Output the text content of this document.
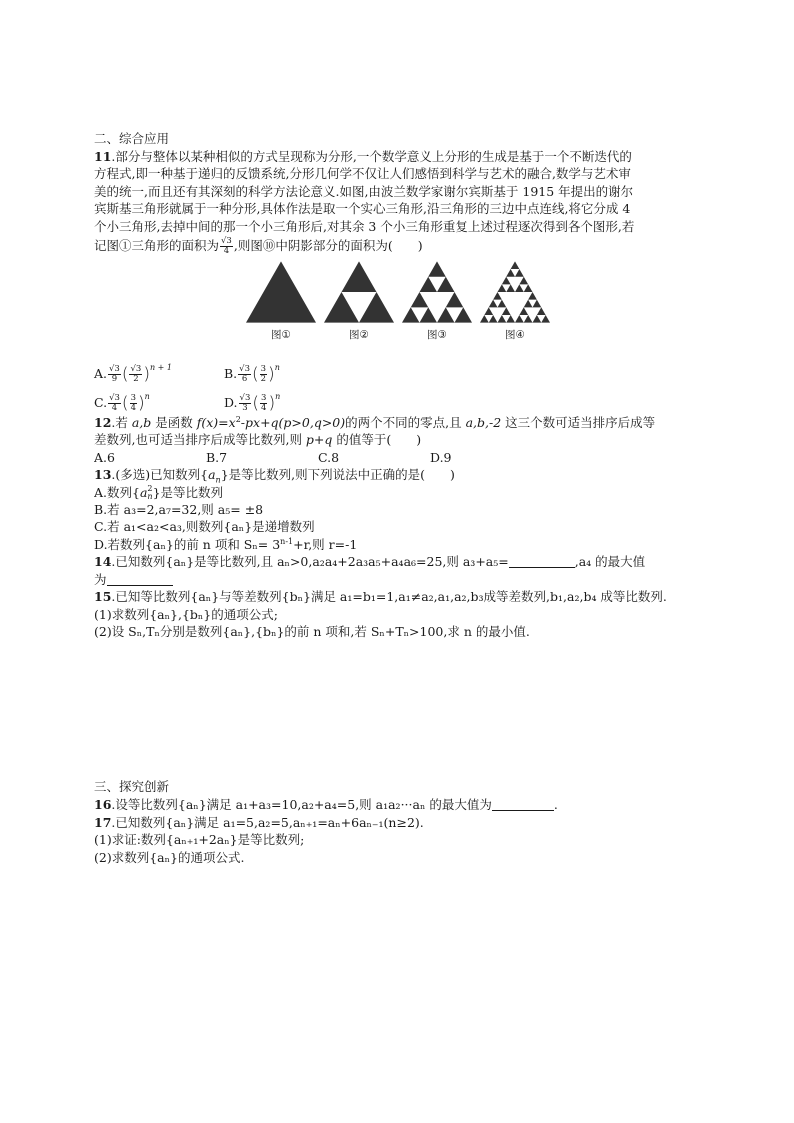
二、综合应用
11.部分与整体以某种相似的方式呈现称为分形,一个数学意义上分形的生成是基于一个不断迭代的
方程式,即一种基于递归的反馈系统,分形几何学不仅让人们感悟到科学与艺术的融合,数学与艺术审
美的统一,而且还有其深刻的科学方法论意义.如图,由波兰数学家谢尔宾斯基于 1915 年提出的谢尔
宾斯基三角形就属于一种分形,具体作法是取一个实心三角形,沿三角形的三边中点连线,将它分成 4
个小三角形,去掉中间的那一个小三角形后,对其余 3 个小三角形重复上述过程逐次得到各个图形,若
记图①三角形的面积为 $\frac{√3}{4}$ ,则图⑩中阴影部分的面积为(　　)
图①	图②	图③	图④
A. $\frac{√3}{9}$ ( $\frac{√3}{2} )^{n + 1}$	B. $\frac{√3}{6}$ ( $\frac{3}{2} )^n$
C. $\frac{√3}{4}$ ( $\frac{3}{4} )^n$	D. $\frac{√3}{3}$ ( $\frac{3}{4} )^n$
12.若 a,b 是函数 $f(x)=x^2-px+q(p>0,q>0)$的两个不同的零点,且 a,b,-2 这三个数可适当排序后成等
差数列,也可适当排序后成等比数列,则 p+q 的值等于(　　)
A.6	B.7	C.8	D.9
13.(多选)已知数列$\{a_n\}$是等比数列,则下列说法中正确的是(　　)
A.数列{a 2
n }是等比数列
B.若 a₃=2,a₇=32,则 a₅= ±8
C.若 a₁<a₂<a₃,则数列{aₙ}是递增数列
D.若数列{aₙ}的前 n 项和 $S_n= 3^{n-1}+r$,则 r=-1
14.已知数列{aₙ}是等比数列,且 aₙ>0,a₂a₄+2a₃a₅+a₄a₆=25,则 a₃+a₅=	,a₄ 的最大值
为
15.已知等比数列{aₙ}与等差数列{bₙ}满足 a₁=b₁=1,a₁≠a₂,a₁,a₂,b₃成等差数列,b₁,a₂,b₄ 成等比数列.
(1)求数列{aₙ},{bₙ}的通项公式;
(2)设 Sₙ,Tₙ分别是数列{aₙ},{bₙ}的前 n 项和,若 Sₙ+Tₙ>100,求 n 的最小值.
三、探究创新
16.设等比数列{aₙ}满足 a₁+a₃=10,a₂+a₄=5,则 a₁a₂···aₙ 的最大值为	.
17.已知数列{aₙ}满足 a₁=5,a₂=5,aₙ₊₁=aₙ+6aₙ₋₁(n≥2).
(1)求证:数列{aₙ₊₁+2aₙ}是等比数列;
(2)求数列{aₙ}的通项公式.
